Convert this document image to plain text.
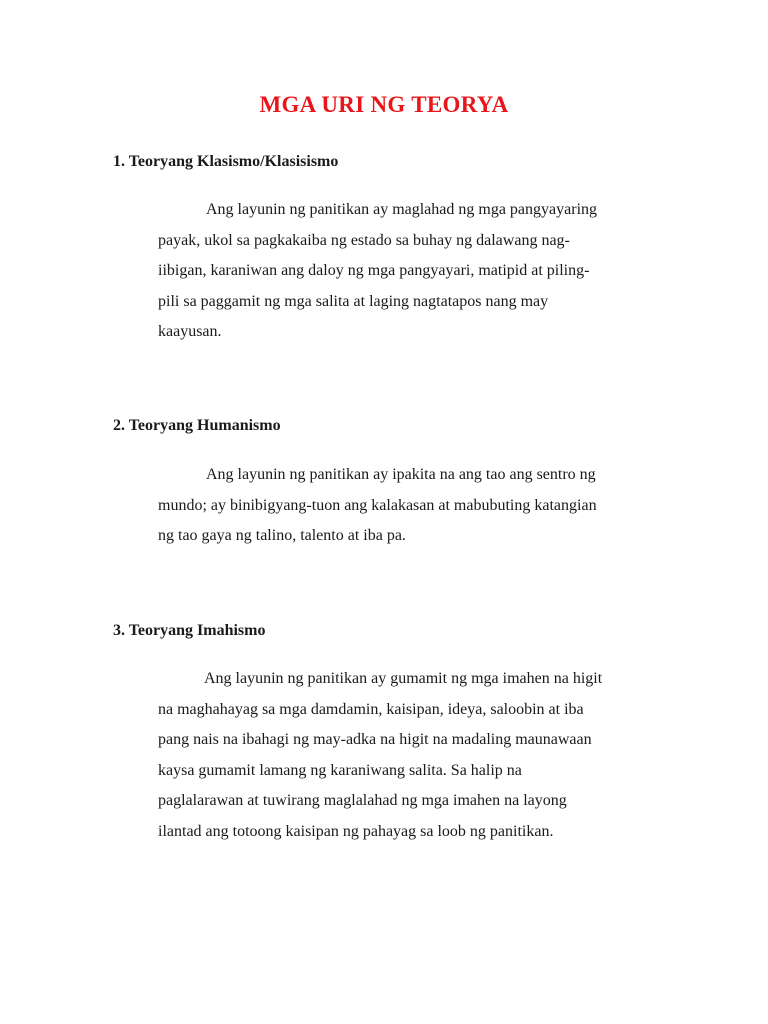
MGA URI NG TEORYA
1. Teoryang Klasismo/Klasisismo
Ang layunin ng panitikan ay maglahad ng mga pangyayaring
payak, ukol sa pagkakaiba ng estado sa buhay ng dalawang nag-
iibigan, karaniwan ang daloy ng mga pangyayari, matipid at piling-
pili sa paggamit ng mga salita at laging nagtatapos nang may
kaayusan.
2. Teoryang Humanismo
Ang layunin ng panitikan ay ipakita na ang tao ang sentro ng
mundo; ay binibigyang-tuon ang kalakasan at mabubuting katangian
ng tao gaya ng talino, talento at iba pa.
3. Teoryang Imahismo
Ang layunin ng panitikan ay gumamit ng mga imahen na higit
na maghahayag sa mga damdamin, kaisipan, ideya, saloobin at iba
pang nais na ibahagi ng may-adka na higit na madaling maunawaan
kaysa gumamit lamang ng karaniwang salita. Sa halip na
paglalarawan at tuwirang maglalahad ng mga imahen na layong
ilantad ang totoong kaisipan ng pahayag sa loob ng panitikan.
